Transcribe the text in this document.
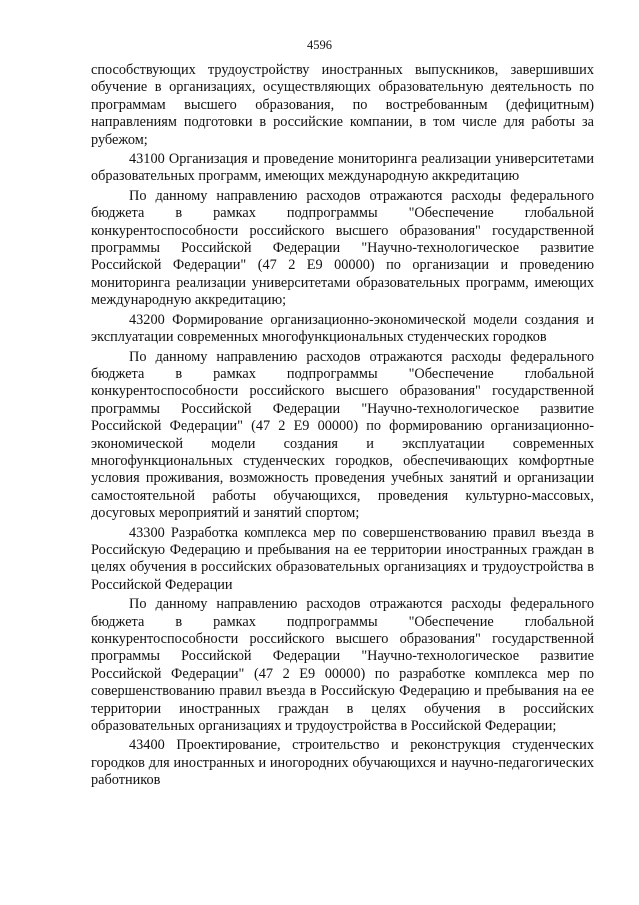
4596

способствующих трудоустройству иностранных выпускников, завершивших обучение в организациях, осуществляющих образовательную деятельность по программам высшего образования, по востребованным (дефицитным) направлениям подготовки в российские компании, в том числе для работы за рубежом;

43100 Организация и проведение мониторинга реализации университетами образовательных программ, имеющих международную аккредитацию

По данному направлению расходов отражаются расходы федерального бюджета в рамках подпрограммы "Обеспечение глобальной конкурентоспособности российского высшего образования" государственной программы Российской Федерации "Научно-технологическое развитие Российской Федерации" (47 2 Е9 00000) по организации и проведению мониторинга реализации университетами образовательных программ, имеющих международную аккредитацию;

43200 Формирование организационно-экономической модели создания и эксплуатации современных многофункциональных студенческих городков

По данному направлению расходов отражаются расходы федерального бюджета в рамках подпрограммы "Обеспечение глобальной конкурентоспособности российского высшего образования" государственной программы Российской Федерации "Научно-технологическое развитие Российской Федерации" (47 2 Е9 00000) по формированию организационно-экономической модели создания и эксплуатации современных многофункциональных студенческих городков, обеспечивающих комфортные условия проживания, возможность проведения учебных занятий и организации самостоятельной работы обучающихся, проведения культурно-массовых, досуговых мероприятий и занятий спортом;

43300 Разработка комплекса мер по совершенствованию правил въезда в Российскую Федерацию и пребывания на ее территории иностранных граждан в целях обучения в российских образовательных организациях и трудоустройства в Российской Федерации

По данному направлению расходов отражаются расходы федерального бюджета в рамках подпрограммы "Обеспечение глобальной конкурентоспособности российского высшего образования" государственной программы Российской Федерации "Научно-технологическое развитие Российской Федерации" (47 2 Е9 00000) по разработке комплекса мер по совершенствованию правил въезда в Российскую Федерацию и пребывания на ее территории иностранных граждан в целях обучения в российских образовательных организациях и трудоустройства в Российской Федерации;

43400 Проектирование, строительство и реконструкция студенческих городков для иностранных и иногородних обучающихся и научно-педагогических работников
